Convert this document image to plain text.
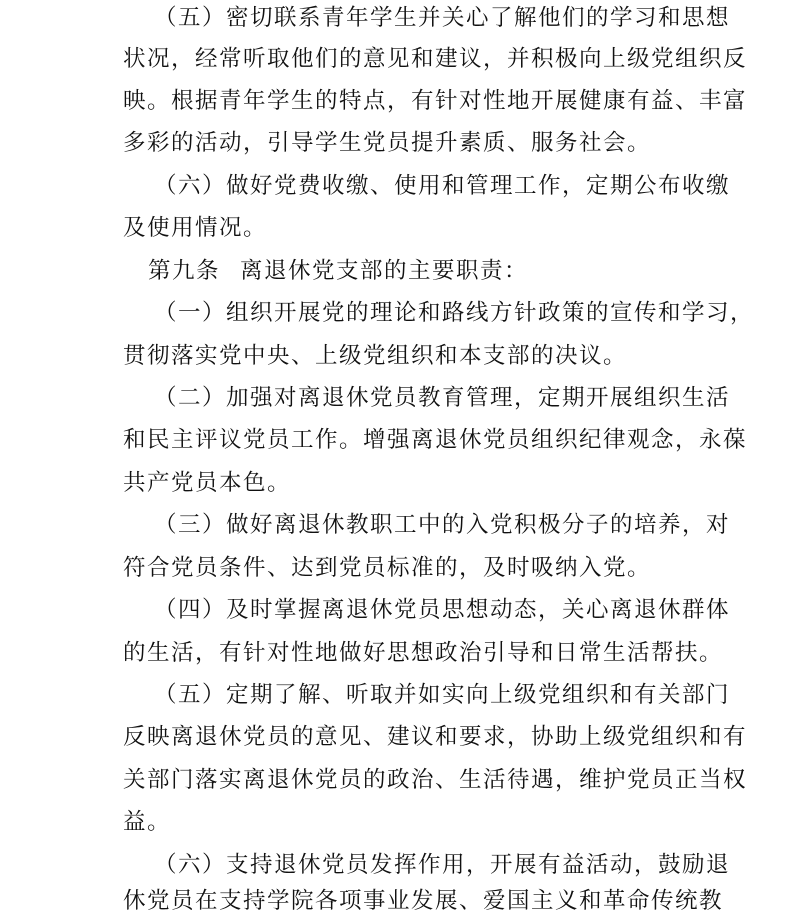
（五）密切联系青年学生并关心了解他们的学习和思想
状况，经常听取他们的意见和建议，并积极向上级党组织反
映。根据青年学生的特点，有针对性地开展健康有益、丰富
多彩的活动，引导学生党员提升素质、服务社会。
（六）做好党费收缴、使用和管理工作，定期公布收缴
及使用情况。
第九条 离退休党支部的主要职责：
（一）组织开展党的理论和路线方针政策的宣传和学习，
贯彻落实党中央、上级党组织和本支部的决议。
（二）加强对离退休党员教育管理，定期开展组织生活
和民主评议党员工作。增强离退休党员组织纪律观念，永葆
共产党员本色。
（三）做好离退休教职工中的入党积极分子的培养，对
符合党员条件、达到党员标准的，及时吸纳入党。
（四）及时掌握离退休党员思想动态，关心离退休群体
的生活，有针对性地做好思想政治引导和日常生活帮扶。
（五）定期了解、听取并如实向上级党组织和有关部门
反映离退休党员的意见、建议和要求，协助上级党组织和有
关部门落实离退休党员的政治、生活待遇，维护党员正当权
益。
（六）支持退休党员发挥作用，开展有益活动，鼓励退
休党员在支持学院各项事业发展、爱国主义和革命传统教
